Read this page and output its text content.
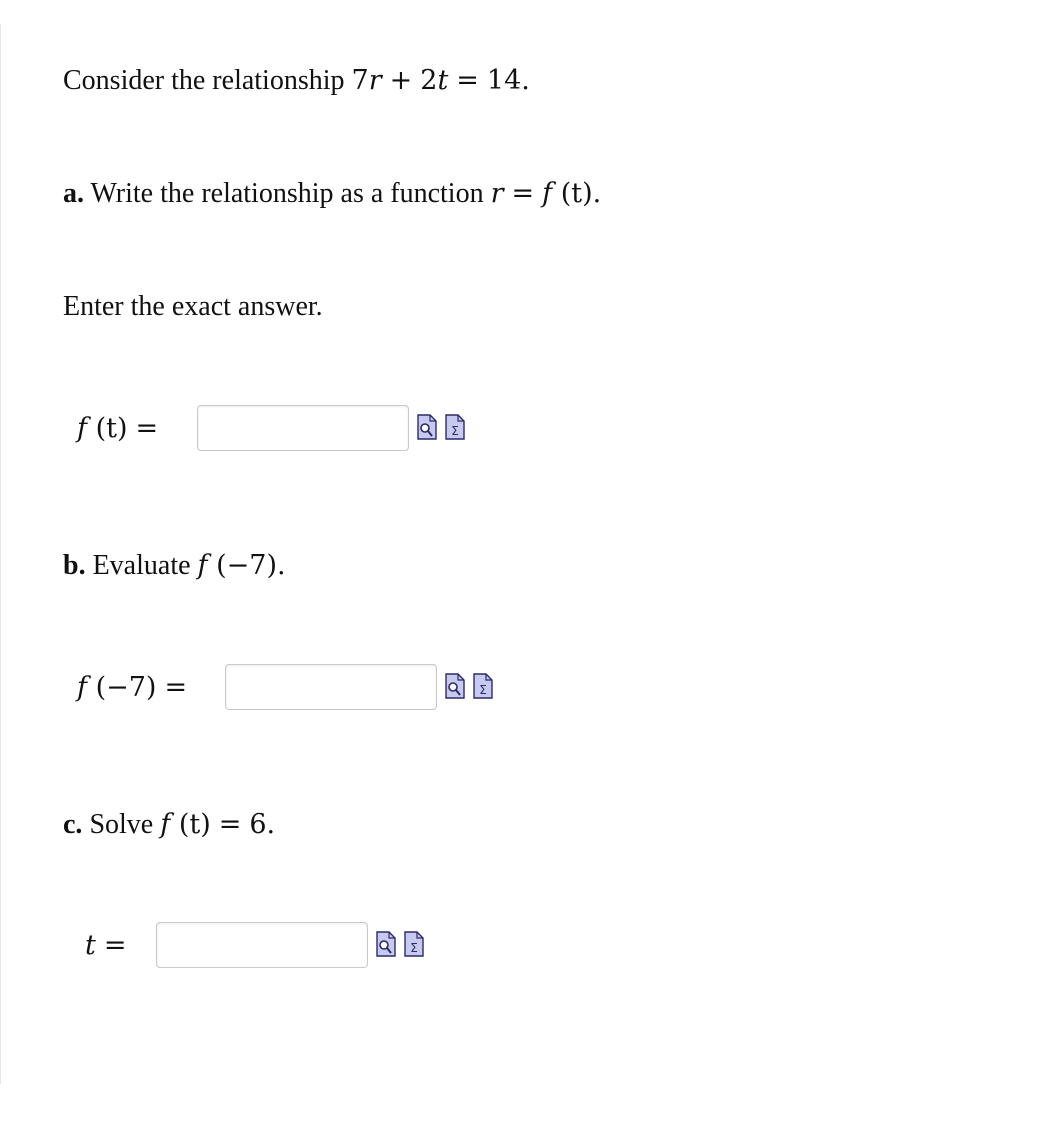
Consider the relationship 7r + 2t = 14.
a. Write the relationship as a function r = f (t).
Enter the exact answer.
f (t) =	Σ
b. Evaluate f (−7).
f (−7) =	Σ
c. Solve f (t) = 6.
t =	Σ
